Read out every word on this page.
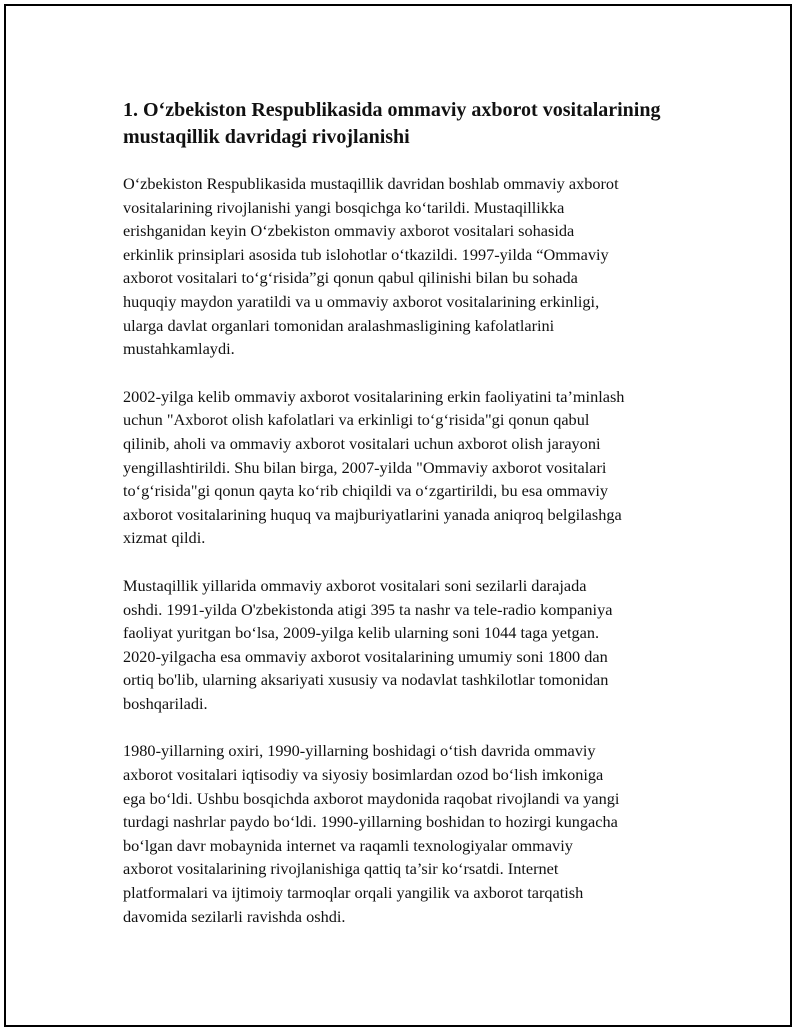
1. O‘zbekiston Respublikasida ommaviy axborot vositalarining mustaqillik davridagi rivojlanishi

O‘zbekiston Respublikasida mustaqillik davridan boshlab ommaviy axborot
vositalarining rivojlanishi yangi bosqichga ko‘tarildi. Mustaqillikka
erishganidan keyin O‘zbekiston ommaviy axborot vositalari sohasida
erkinlik prinsiplari asosida tub islohotlar o‘tkazildi. 1997-yilda “Ommaviy
axborot vositalari to‘g‘risida”gi qonun qabul qilinishi bilan bu sohada
huquqiy maydon yaratildi va u ommaviy axborot vositalarining erkinligi,
ularga davlat organlari tomonidan aralashmasligining kafolatlarini
mustahkamlaydi.

2002-yilga kelib ommaviy axborot vositalarining erkin faoliyatini ta’minlash
uchun "Axborot olish kafolatlari va erkinligi to‘g‘risida"gi qonun qabul
qilinib, aholi va ommaviy axborot vositalari uchun axborot olish jarayoni
yengillashtirildi. Shu bilan birga, 2007-yilda "Ommaviy axborot vositalari
to‘g‘risida"gi qonun qayta ko‘rib chiqildi va o‘zgartirildi, bu esa ommaviy
axborot vositalarining huquq va majburiyatlarini yanada aniqroq belgilashga
xizmat qildi.

Mustaqillik yillarida ommaviy axborot vositalari soni sezilarli darajada
oshdi. 1991-yilda O'zbekistonda atigi 395 ta nashr va tele-radio kompaniya
faoliyat yuritgan bo‘lsa, 2009-yilga kelib ularning soni 1044 taga yetgan.
2020-yilgacha esa ommaviy axborot vositalarining umumiy soni 1800 dan
ortiq bo'lib, ularning aksariyati xususiy va nodavlat tashkilotlar tomonidan
boshqariladi.

1980-yillarning oxiri, 1990-yillarning boshidagi o‘tish davrida ommaviy
axborot vositalari iqtisodiy va siyosiy bosimlardan ozod bo‘lish imkoniga
ega bo‘ldi. Ushbu bosqichda axborot maydonida raqobat rivojlandi va yangi
turdagi nashrlar paydo bo‘ldi. 1990-yillarning boshidan to hozirgi kungacha
bo‘lgan davr mobaynida internet va raqamli texnologiyalar ommaviy
axborot vositalarining rivojlanishiga qattiq ta’sir ko‘rsatdi. Internet
platformalari va ijtimoiy tarmoqlar orqali yangilik va axborot tarqatish
davomida sezilarli ravishda oshdi.
